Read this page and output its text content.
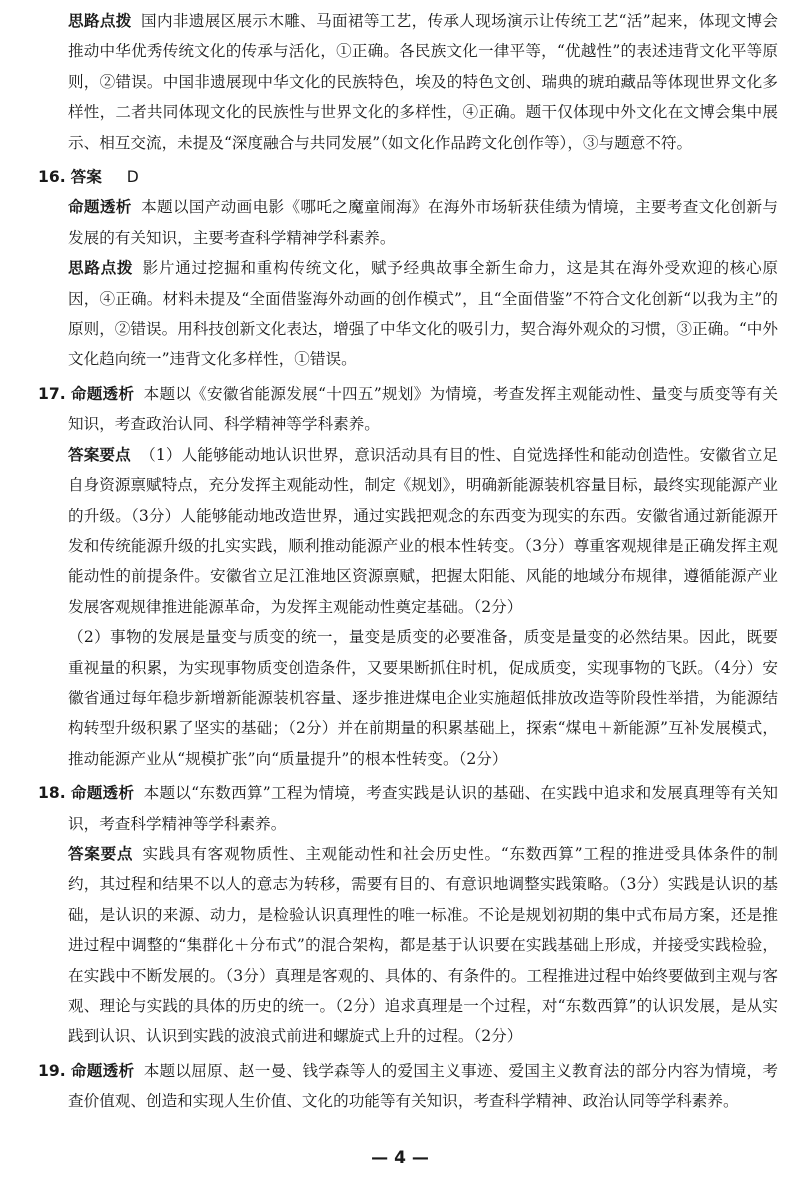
思路点拨 国内非遗展区展示木雕、马面裙等工艺，传承人现场演示让传统工艺“活”起来，体现文博会推动中华优秀传统文化的传承与活化，①正确。各民族文化一律平等，“优越性”的表述违背文化平等原则，②错误。中国非遗展现中华文化的民族特色，埃及的特色文创、瑞典的琥珀藏品等体现世界文化多样性，二者共同体现文化的民族性与世界文化的多样性，④正确。题干仅体现中外文化在文博会集中展示、相互交流，未提及“深度融合与共同发展”（如文化作品跨文化创作等），③与题意不符。

16. 答案 D

命题透析 本题以国产动画电影《哪吒之魔童闹海》在海外市场斩获佳绩为情境，主要考查文化创新与发展的有关知识，主要考查科学精神学科素养。

思路点拨 影片通过挖掘和重构传统文化，赋予经典故事全新生命力，这是其在海外受欢迎的核心原因，④正确。材料未提及“全面借鉴海外动画的创作模式”，且“全面借鉴”不符合文化创新“以我为主”的原则，②错误。用科技创新文化表达，增强了中华文化的吸引力，契合海外观众的习惯，③正确。“中外文化趋向统一”违背文化多样性，①错误。

17. 命题透析 本题以《安徽省能源发展“十四五”规划》为情境，考查发挥主观能动性、量变与质变等有关知识，考查政治认同、科学精神等学科素养。

答案要点 （1）人能够能动地认识世界，意识活动具有目的性、自觉选择性和能动创造性。安徽省立足自身资源禀赋特点，充分发挥主观能动性，制定《规划》，明确新能源装机容量目标，最终实现能源产业的升级。（3分）人能够能动地改造世界，通过实践把观念的东西变为现实的东西。安徽省通过新能源开发和传统能源升级的扎实实践，顺利推动能源产业的根本性转变。（3分）尊重客观规律是正确发挥主观能动性的前提条件。安徽省立足江淮地区资源禀赋，把握太阳能、风能的地域分布规律，遵循能源产业发展客观规律推进能源革命，为发挥主观能动性奠定基础。（2分）

（2）事物的发展是量变与质变的统一，量变是质变的必要准备，质变是量变的必然结果。因此，既要重视量的积累，为实现事物质变创造条件，又要果断抓住时机，促成质变，实现事物的飞跃。（4分）安徽省通过每年稳步新增新能源装机容量、逐步推进煤电企业实施超低排放改造等阶段性举措，为能源结构转型升级积累了坚实的基础；（2分）并在前期量的积累基础上，探索“煤电＋新能源”互补发展模式，推动能源产业从“规模扩张”向“质量提升”的根本性转变。（2分）

18. 命题透析 本题以“东数西算”工程为情境，考查实践是认识的基础、在实践中追求和发展真理等有关知识，考查科学精神等学科素养。

答案要点 实践具有客观物质性、主观能动性和社会历史性。“东数西算”工程的推进受具体条件的制约，其过程和结果不以人的意志为转移，需要有目的、有意识地调整实践策略。（3分）实践是认识的基础，是认识的来源、动力，是检验认识真理性的唯一标准。不论是规划初期的集中式布局方案，还是推进过程中调整的“集群化＋分布式”的混合架构，都是基于认识要在实践基础上形成，并接受实践检验，在实践中不断发展的。（3分）真理是客观的、具体的、有条件的。工程推进过程中始终要做到主观与客观、理论与实践的具体的历史的统一。（2分）追求真理是一个过程，对“东数西算”的认识发展，是从实践到认识、认识到实践的波浪式前进和螺旋式上升的过程。（2分）

19. 命题透析 本题以屈原、赵一曼、钱学森等人的爱国主义事迹、爱国主义教育法的部分内容为情境，考查价值观、创造和实现人生价值、文化的功能等有关知识，考查科学精神、政治认同等学科素养。

— 4 —
